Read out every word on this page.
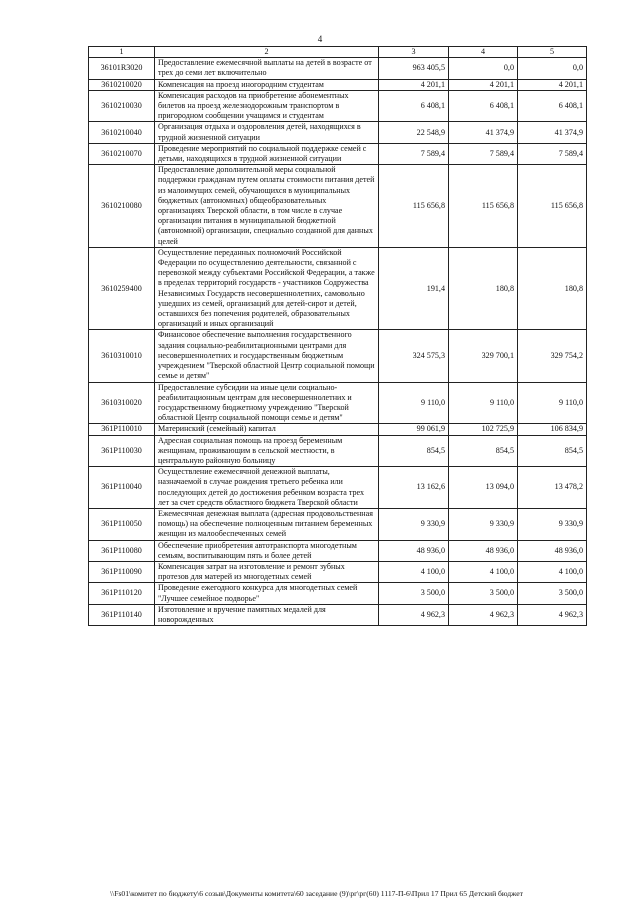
4
1	2	3	4	5
36101R3020	Предоставление ежемесячной выплаты на детей в возрасте от трех до семи лет включительно	963 405,5	0,0	0,0
3610210020	Компенсация на проезд иногородним студентам	4 201,1	4 201,1	4 201,1
3610210030	Компенсация расходов на приобретение абонементных билетов на проезд железнодорожным транспортом в пригородном сообщении учащимся и студентам	6 408,1	6 408,1	6 408,1
3610210040	Организация отдыха и оздоровления детей, находящихся в трудной жизненной ситуации	22 548,9	41 374,9	41 374,9
3610210070	Проведение мероприятий по социальной поддержке семей с детьми, находящихся в трудной жизненной ситуации	7 589,4	7 589,4	7 589,4
3610210080	Предоставление дополнительной меры социальной поддержки гражданам путем оплаты стоимости питания детей из малоимущих семей, обучающихся в муниципальных бюджетных (автономных) общеобразовательных организациях Тверской области, в том числе в случае организации питания в муниципальной бюджетной (автономной) организации, специально созданной для данных целей	115 656,8	115 656,8	115 656,8
3610259400	Осуществление переданных полномочий Российской Федерации по осуществлению деятельности, связанной с перевозкой между субъектами Российской Федерации, а также в пределах территорий государств - участников Содружества Независимых Государств несовершеннолетних, самовольно ушедших из семей, организаций для детей-сирот и детей, оставшихся без попечения родителей, образовательных организаций и иных организаций	191,4	180,8	180,8
3610310010	Финансовое обеспечение выполнения государственного задания социально-реабилитационными центрами для несовершеннолетних и государственным бюджетным учреждением "Тверской областной Центр социальной помощи семье и детям"	324 575,3	329 700,1	329 754,2
3610310020	Предоставление субсидии на иные цели социально-реабилитационным центрам для несовершеннолетних и государственному бюджетному учреждению "Тверской областной Центр социальной помощи семье и детям"	9 110,0	9 110,0	9 110,0
361P110010	Материнский (семейный) капитал	99 061,9	102 725,9	106 834,9
361P110030	Адресная социальная помощь на проезд беременным женщинам, проживающим в сельской местности, в центральную районную больницу	854,5	854,5	854,5
361P110040	Осуществление ежемесячной денежной выплаты, назначаемой в случае рождения третьего ребенка или последующих детей до достижения ребенком возраста трех лет за счет средств областного бюджета Тверской области	13 162,6	13 094,0	13 478,2
361P110050	Ежемесячная денежная выплата (адресная продовольственная помощь) на обеспечение полноценным питанием беременных женщин из малообеспеченных семей	9 330,9	9 330,9	9 330,9
361P110080	Обеспечение приобретения автотранспорта многодетным семьям, воспитывающим пять и более детей	48 936,0	48 936,0	48 936,0
361P110090	Компенсация затрат на изготовление и ремонт зубных протезов для матерей из многодетных семей	4 100,0	4 100,0	4 100,0
361P110120	Проведение ежегодного конкурса для многодетных семей "Лучшее семейное подворье"	3 500,0	3 500,0	3 500,0
361P110140	Изготовление и вручение памятных медалей для новорожденных	4 962,3	4 962,3	4 962,3
\\Fs01\комитет по бюджету\6 созыв\Документы комитета\60 заседание (9)\рг\рг(60) 1117-П-6\Прил 17 Прил 65 Детский бюджет
